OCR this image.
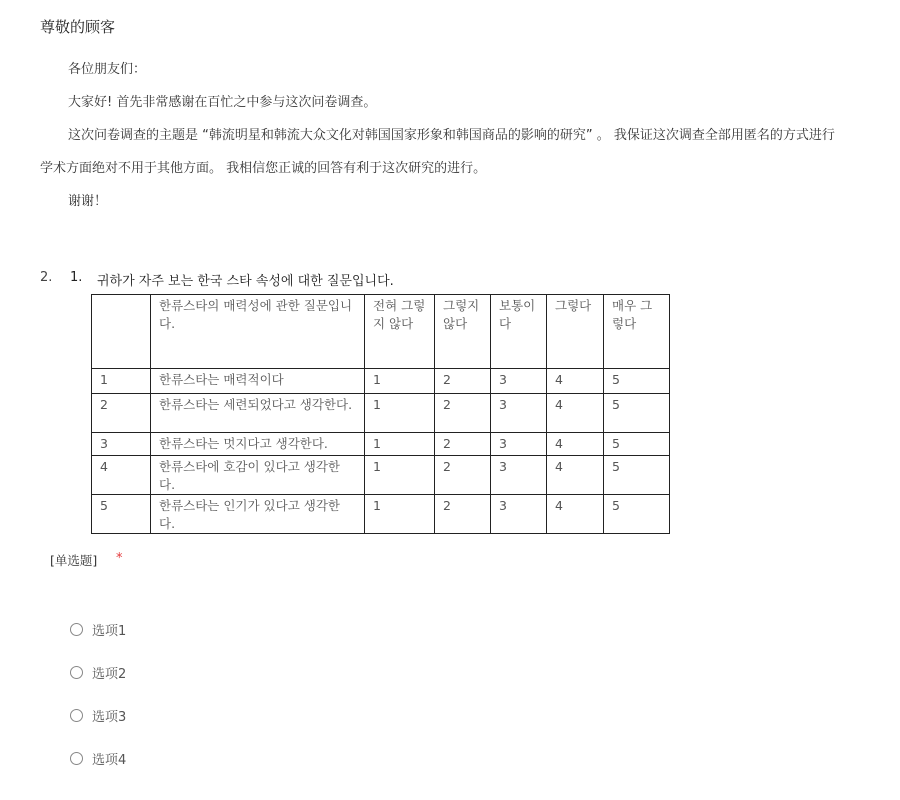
尊敬的顾客
各位朋友们：
大家好! 首先非常感谢在百忙之中参与这次问卷调查。
这次问卷调查的主题是 “韩流明星和韩流大众文化对韩国国家形象和韩国商品的影响的研究” 。 我保证这次调查全部用匿名的方式进行
学术方面绝对不用于其他方面。 我相信您正诚的回答有利于这次研究的进行。
谢谢！
2. 1. 귀하가 자주 보는 한국 스타 속성에 대한 질문입니다.
	한류스타의 매력성에 관한 질문입니다.	전혀 그렇지 않다	그렇지 않다	보통이다	그렇다	매우 그렇다
1	한류스타는 매력적이다	1	2	3	4	5
2	한류스타는 세련되었다고 생각한다.	1	2	3	4	5
3	한류스타는 멋지다고 생각한다.	1	2	3	4	5
4	한류스타에 호감이 있다고 생각한다.	1	2	3	4	5
5	한류스타는 인기가 있다고 생각한다.	1	2	3	4	5
[单选题] *
选项1
选项2
选项3
选项4
